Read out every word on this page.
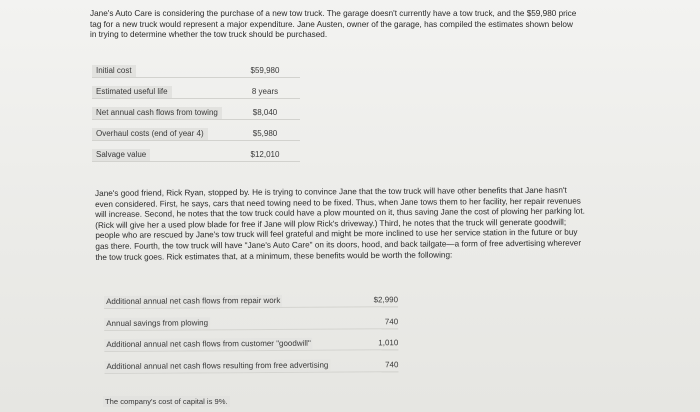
Jane's Auto Care is considering the purchase of a new tow truck. The garage doesn't currently have a tow truck, and the $59,980 price
tag for a new truck would represent a major expenditure. Jane Austen, owner of the garage, has compiled the estimates shown below
in trying to determine whether the tow truck should be purchased.
Initial cost	$59,980
Estimated useful life	8 years
Net annual cash flows from towing	$8,040
Overhaul costs (end of year 4)	$5,980
Salvage value	$12,010
Jane's good friend, Rick Ryan, stopped by. He is trying to convince Jane that the tow truck will have other benefits that Jane hasn't
even considered. First, he says, cars that need towing need to be fixed. Thus, when Jane tows them to her facility, her repair revenues
will increase. Second, he notes that the tow truck could have a plow mounted on it, thus saving Jane the cost of plowing her parking lot.
(Rick will give her a used plow blade for free if Jane will plow Rick's driveway.) Third, he notes that the truck will generate goodwill;
people who are rescued by Jane's tow truck will feel grateful and might be more inclined to use her service station in the future or buy
gas there. Fourth, the tow truck will have "Jane's Auto Care" on its doors, hood, and back tailgate—a form of free advertising wherever
the tow truck goes. Rick estimates that, at a minimum, these benefits would be worth the following:
Additional annual net cash flows from repair work	$2,990
Annual savings from plowing	740
Additional annual net cash flows from customer "goodwill"	1,010
Additional annual net cash flows resulting from free advertising	740
The company's cost of capital is 9%.
